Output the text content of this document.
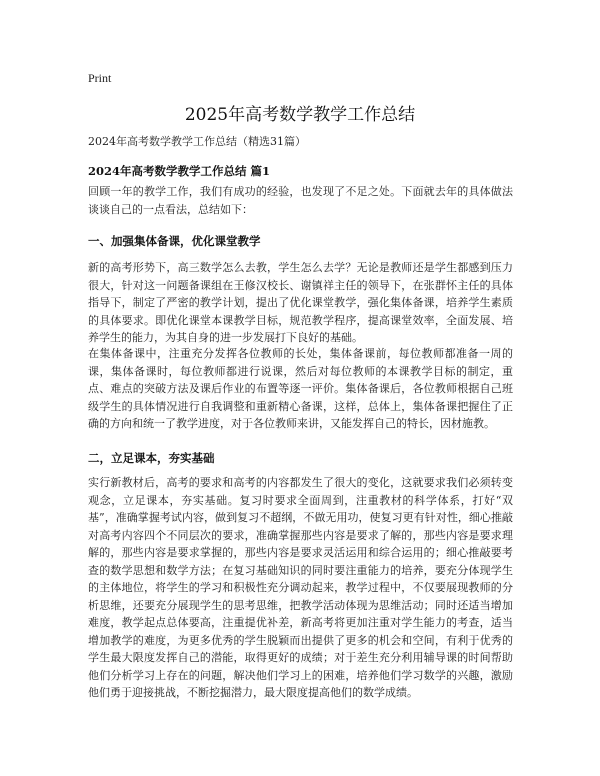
Print
2025年高考数学教学工作总结

2024年高考数学教学工作总结（精选31篇）

2024年高考数学教学工作总结 篇1

回顾一年的教学工作，我们有成功的经验，也发现了不足之处。下面就去年的具体做法谈谈自己的一点看法，总结如下：

一、加强集体备课，优化课堂教学

新的高考形势下，高三数学怎么去教，学生怎么去学？无论是教师还是学生都感到压力很大，针对这一问题备课组在王修汉校长、谢镇祥主任的领导下，在张群怀主任的具体指导下，制定了严密的教学计划，提出了优化课堂教学，强化集体备课，培养学生素质的具体要求。即优化课堂本课教学目标，规范教学程序，提高课堂效率，全面发展、培养学生的能力，为其自身的进一步发展打下良好的基础。

在集体备课中，注重充分发挥各位教师的长处，集体备课前，每位教师都准备一周的课，集体备课时，每位教师都进行说课，然后对每位教师的本课教学目标的制定，重点、难点的突破方法及课后作业的布置等逐一评价。集体备课后，各位教师根据自己班级学生的具体情况进行自我调整和重新精心备课，这样，总体上，集体备课把握住了正确的方向和统一了教学进度，对于各位教师来讲，又能发挥自己的特长，因材施教。

二，立足课本，夯实基础

实行新教材后，高考的要求和高考的内容都发生了很大的变化，这就要求我们必须转变观念，立足课本，夯实基础。复习时要求全面周到，注重教材的科学体系，打好“双基”，准确掌握考试内容，做到复习不超纲，不做无用功，使复习更有针对性，细心推敲对高考内容四个不同层次的要求，准确掌握那些内容是要求了解的，那些内容是要求理解的，那些内容是要求掌握的，那些内容是要求灵活运用和综合运用的；细心推敲要考查的数学思想和数学方法；在复习基础知识的同时要注重能力的培养，要充分体现学生的主体地位，将学生的学习和积极性充分调动起来，教学过程中，不仅要展现教师的分析思维，还要充分展现学生的思考思维，把教学活动体现为思维活动；同时还适当增加难度，教学起点总体要高，注重提优补差，新高考将更加注重对学生能力的考查，适当增加教学的难度，为更多优秀的学生脱颖而出提供了更多的机会和空间，有利于优秀的学生最大限度发挥自己的潜能，取得更好的成绩；对于差生充分利用辅导课的时间帮助他们分析学习上存在的问题，解决他们学习上的困难，培养他们学习数学的兴趣，激励他们勇于迎接挑战，不断挖掘潜力，最大限度提高他们的数学成绩。
